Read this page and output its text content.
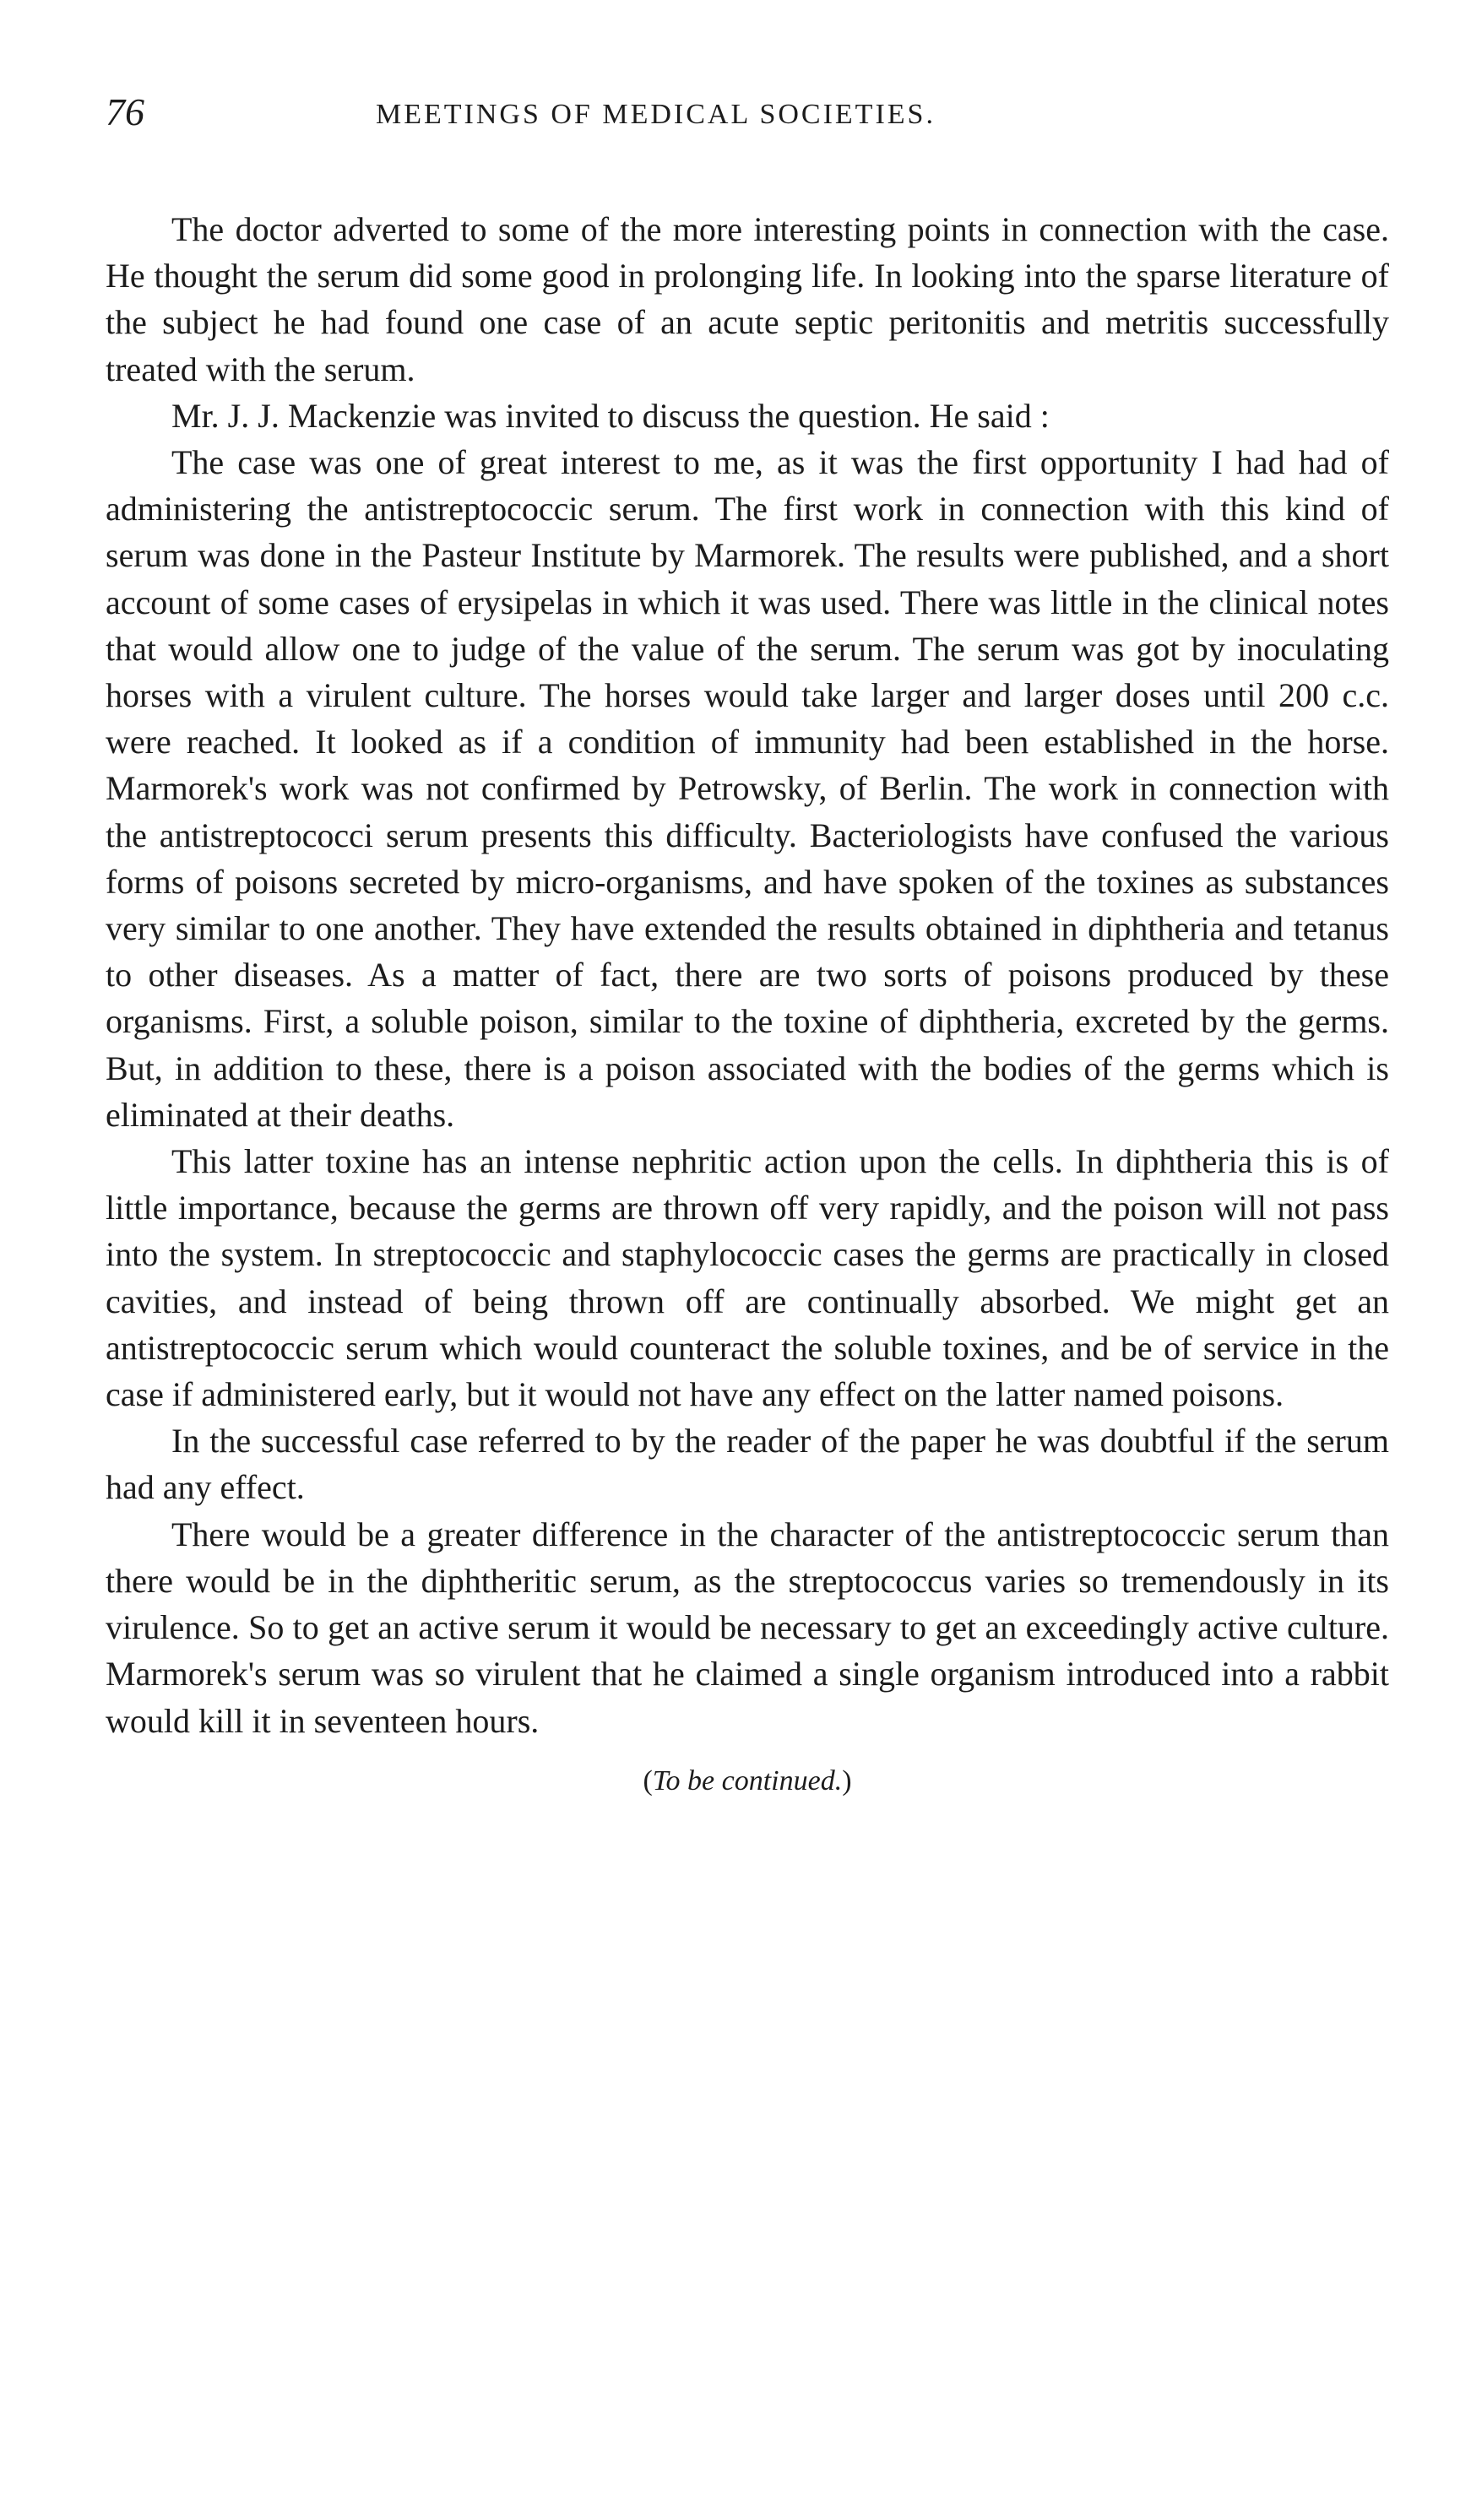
76	MEETINGS OF MEDICAL SOCIETIES.

The doctor adverted to some of the more interesting points in connection with the case. He thought the serum did some good in prolonging life. In looking into the sparse literature of the subject he had found one case of an acute septic peritonitis and metritis successfully treated with the serum.

Mr. J. J. Mackenzie was invited to discuss the question. He said :

The case was one of great interest to me, as it was the first opportunity I had had of administering the antistreptococcic serum. The first work in connection with this kind of serum was done in the Pasteur Institute by Marmorek. The results were published, and a short account of some cases of erysipelas in which it was used. There was little in the clinical notes that would allow one to judge of the value of the serum. The serum was got by inoculating horses with a virulent culture. The horses would take larger and larger doses until 200 c.c. were reached. It looked as if a condition of immunity had been established in the horse. Marmorek's work was not confirmed by Petrowsky, of Berlin. The work in connection with the antistreptococci serum presents this difficulty. Bacteriologists have confused the various forms of poisons secreted by micro-organisms, and have spoken of the toxines as substances very similar to one another. They have extended the results obtained in diphtheria and tetanus to other diseases. As a matter of fact, there are two sorts of poisons produced by these organisms. First, a soluble poison, similar to the toxine of diphtheria, excreted by the germs. But, in addition to these, there is a poison associated with the bodies of the germs which is eliminated at their deaths.

This latter toxine has an intense nephritic action upon the cells. In diphtheria this is of little importance, because the germs are thrown off very rapidly, and the poison will not pass into the system. In streptococcic and staphylococcic cases the germs are practically in closed cavities, and instead of being thrown off are continually absorbed. We might get an antistreptococcic serum which would counteract the soluble toxines, and be of service in the case if administered early, but it would not have any effect on the latter named poisons.

In the successful case referred to by the reader of the paper he was doubtful if the serum had any effect.

There would be a greater difference in the character of the antistreptococcic serum than there would be in the diphtheritic serum, as the streptococcus varies so tremendously in its virulence. So to get an active serum it would be necessary to get an exceedingly active culture. Marmorek's serum was so virulent that he claimed a single organism introduced into a rabbit would kill it in seventeen hours.

(To be continued.)
